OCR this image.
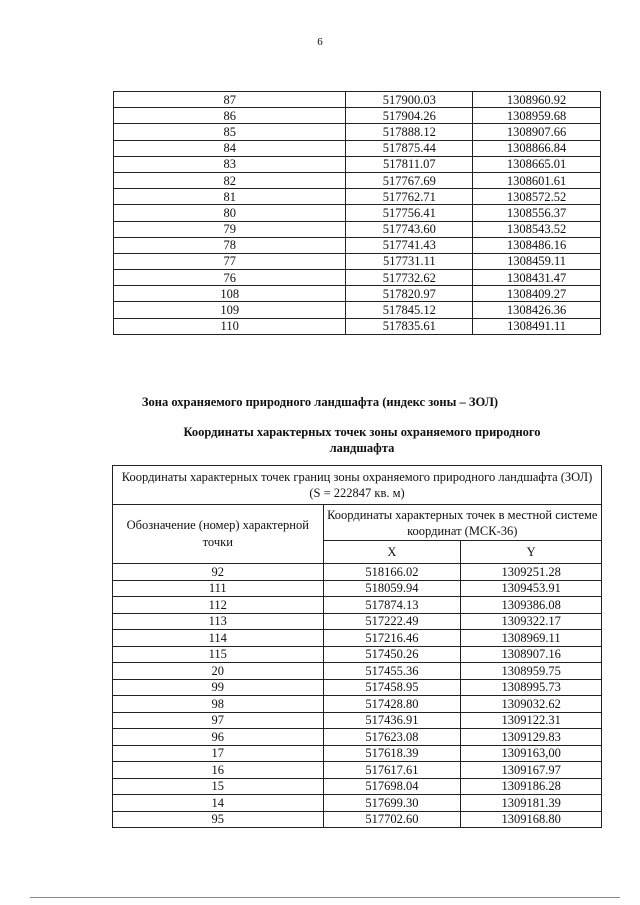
6
87	517900.03	1308960.92
86	517904.26	1308959.68
85	517888.12	1308907.66
84	517875.44	1308866.84
83	517811.07	1308665.01
82	517767.69	1308601.61
81	517762.71	1308572.52
80	517756.41	1308556.37
79	517743.60	1308543.52
78	517741.43	1308486.16
77	517731.11	1308459.11
76	517732.62	1308431.47
108	517820.97	1308409.27
109	517845.12	1308426.36
110	517835.61	1308491.11
Зона охраняемого природного ландшафта (индекс зоны – ЗОЛ)
Координаты характерных точек зоны охраняемого природного ландшафта
Координаты характерных точек границ зоны охраняемого природного ландшафта (ЗОЛ) (S = 222847 кв. м)		
Обозначение (номер) характерной точки	Координаты характерных точек в местной системе координат (МСК-36)	
	X	Y
92	518166.02	1309251.28
111	518059.94	1309453.91
112	517874.13	1309386.08
113	517222.49	1309322.17
114	517216.46	1308969.11
115	517450.26	1308907.16
20	517455.36	1308959.75
99	517458.95	1308995.73
98	517428.80	1309032.62
97	517436.91	1309122.31
96	517623.08	1309129.83
17	517618.39	1309163,00
16	517617.61	1309167.97
15	517698.04	1309186.28
14	517699.30	1309181.39
95	517702.60	1309168.80
